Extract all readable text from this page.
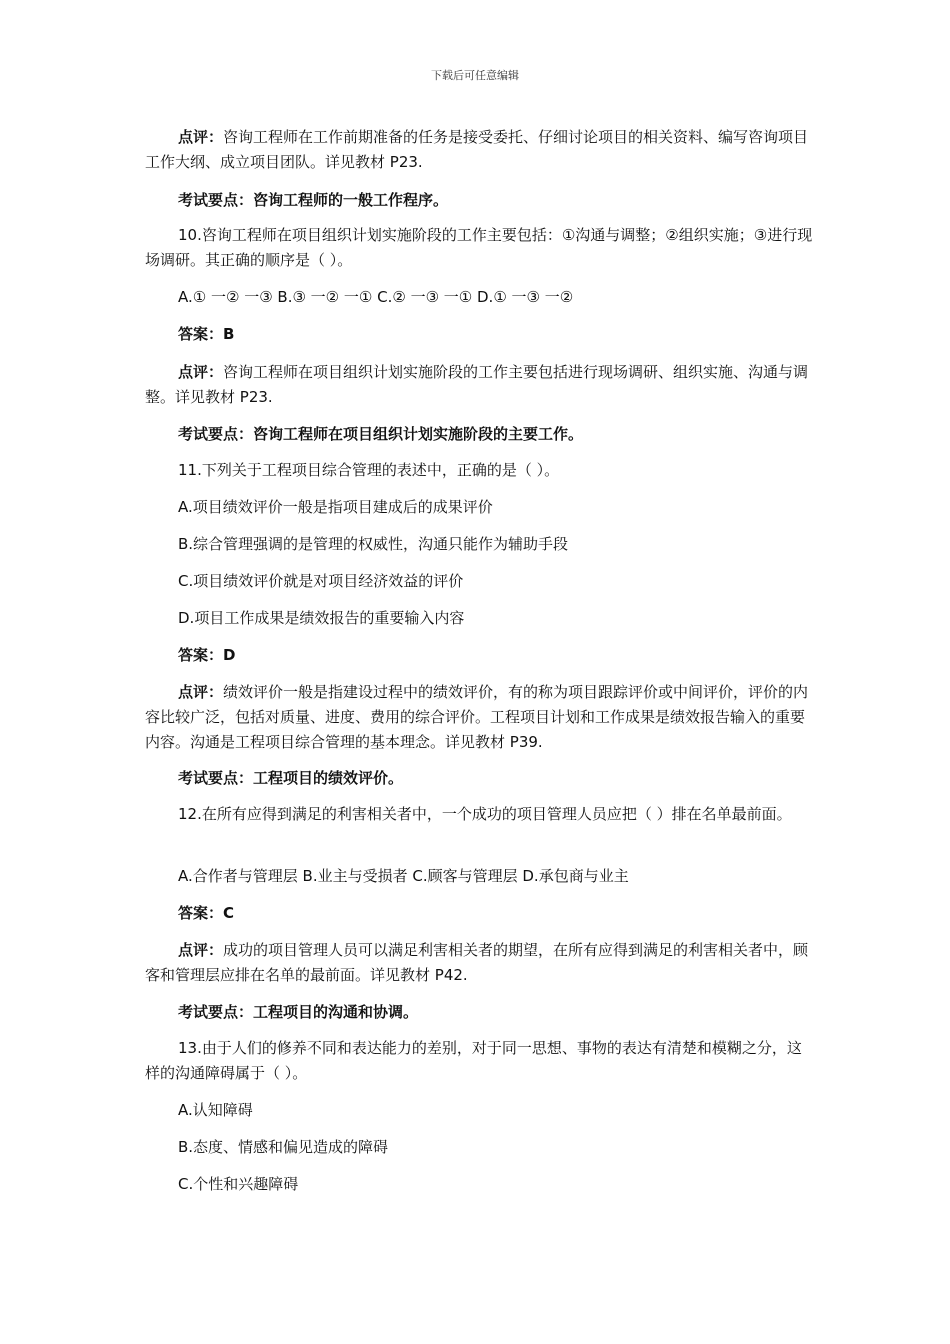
下载后可任意编辑

点评：咨询工程师在工作前期准备的任务是接受委托、仔细讨论项目的相关资料、编写咨询项目工作大纲、成立项目团队。详见教材 P23.

考试要点：咨询工程师的一般工作程序。

10.咨询工程师在项目组织计划实施阶段的工作主要包括：①沟通与调整；②组织实施；③进行现场调研。其正确的顺序是（ ）。

A.① 一② 一③ B.③ 一② 一① C.② 一③ 一① D.① 一③ 一②

答案：B

点评：咨询工程师在项目组织计划实施阶段的工作主要包括进行现场调研、组织实施、沟通与调整。详见教材 P23.

考试要点：咨询工程师在项目组织计划实施阶段的主要工作。

11.下列关于工程项目综合管理的表述中，正确的是（ ）。

A.项目绩效评价一般是指项目建成后的成果评价

B.综合管理强调的是管理的权威性，沟通只能作为辅助手段

C.项目绩效评价就是对项目经济效益的评价

D.项目工作成果是绩效报告的重要输入内容

答案：D

点评：绩效评价一般是指建设过程中的绩效评价，有的称为项目跟踪评价或中间评价，评价的内容比较广泛，包括对质量、进度、费用的综合评价。工程项目计划和工作成果是绩效报告输入的重要内容。沟通是工程项目综合管理的基本理念。详见教材 P39.

考试要点：工程项目的绩效评价。

12.在所有应得到满足的利害相关者中，一个成功的项目管理人员应把（ ）排在名单最前面。

A.合作者与管理层 B.业主与受损者 C.顾客与管理层 D.承包商与业主

答案：C

点评：成功的项目管理人员可以满足利害相关者的期望，在所有应得到满足的利害相关者中，顾客和管理层应排在名单的最前面。详见教材 P42.

考试要点：工程项目的沟通和协调。

13.由于人们的修养不同和表达能力的差别，对于同一思想、事物的表达有清楚和模糊之分，这样的沟通障碍属于（ ）。

A.认知障碍

B.态度、情感和偏见造成的障碍

C.个性和兴趣障碍
